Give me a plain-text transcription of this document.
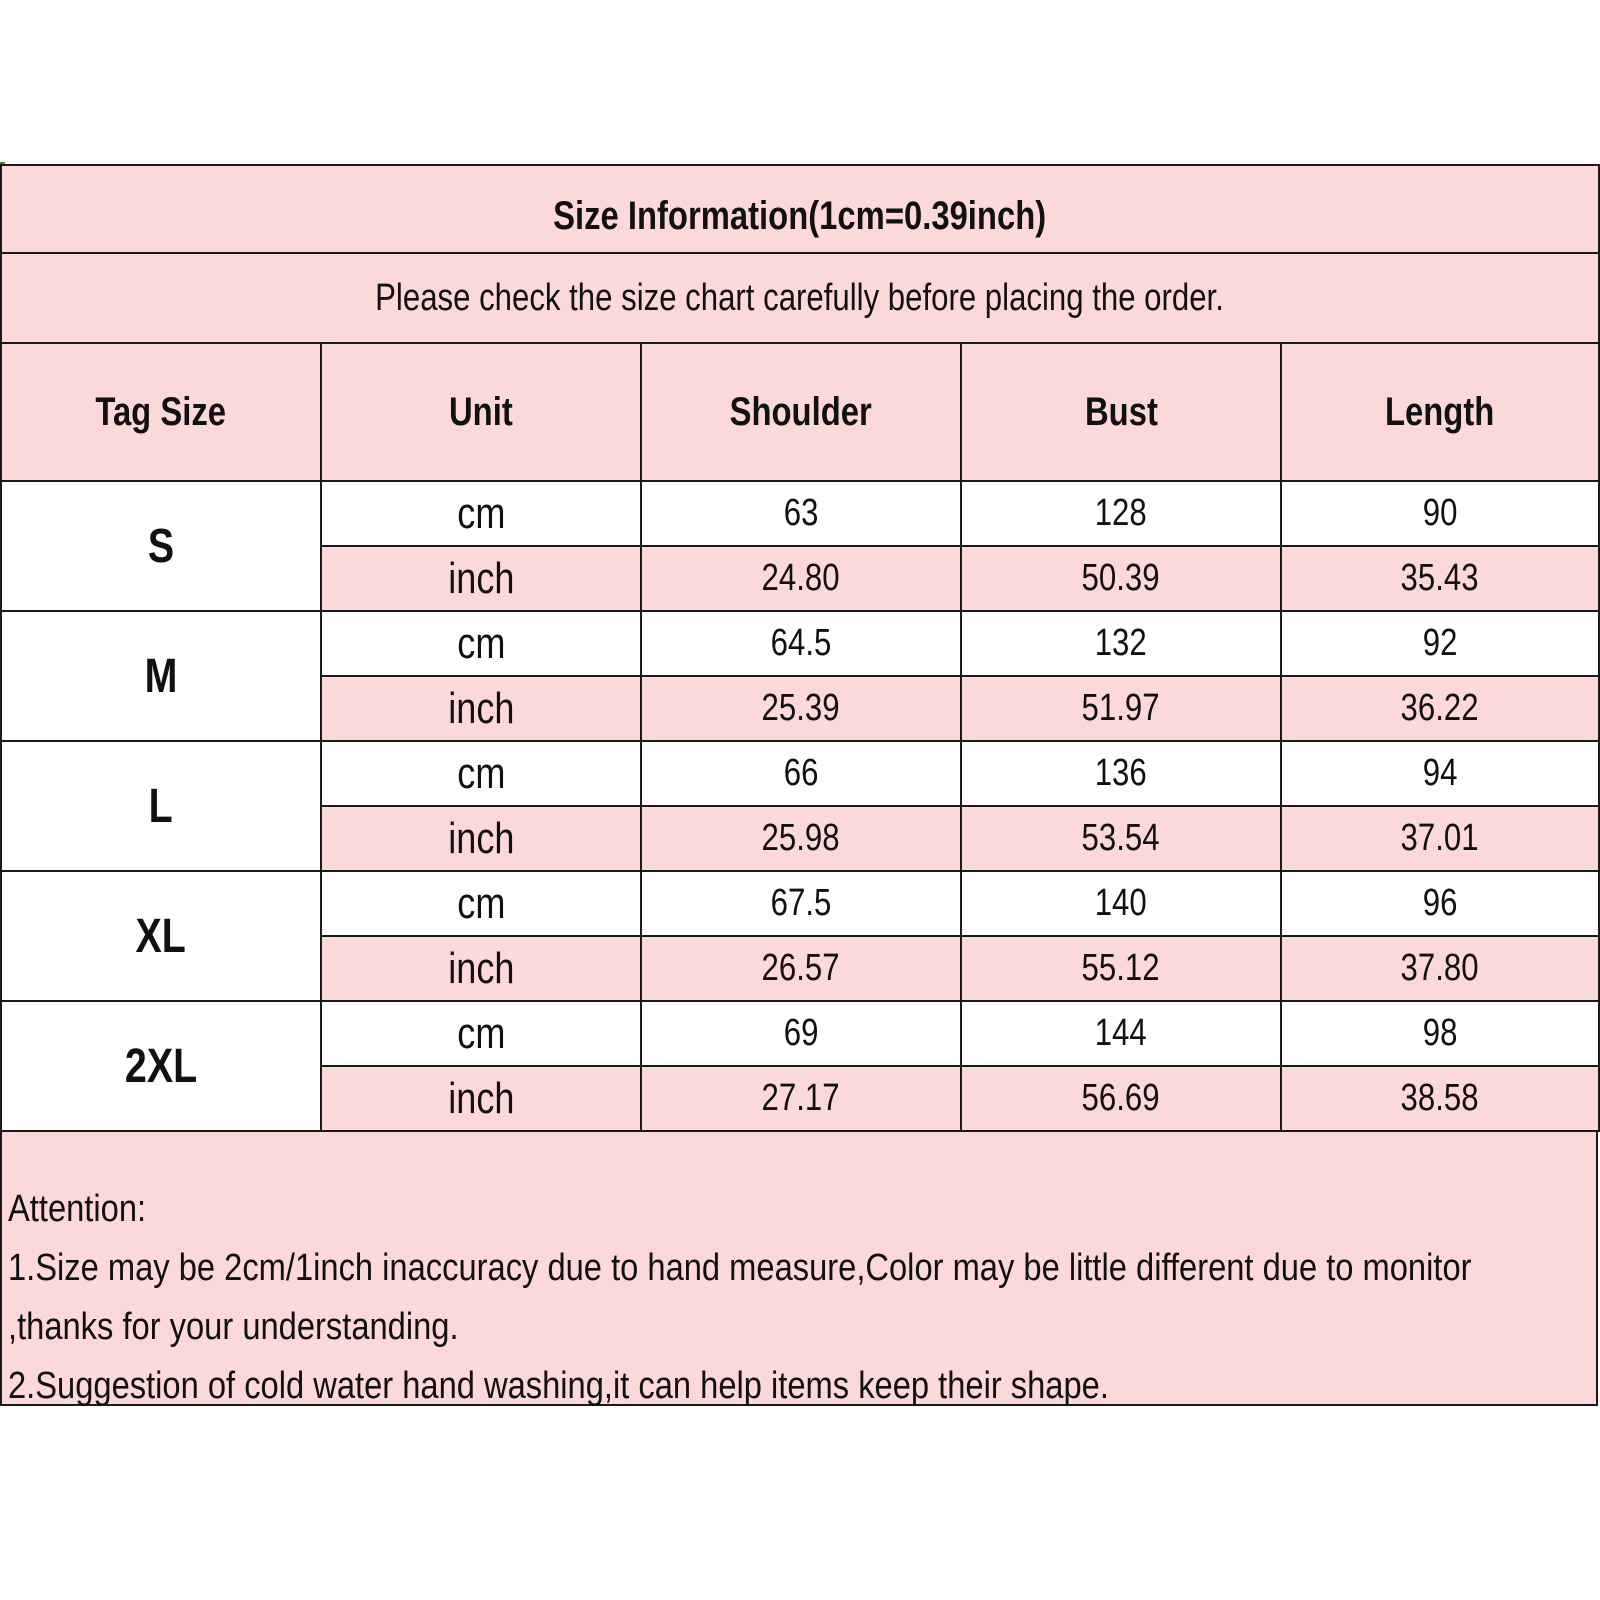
Size Information(1cm=0.39inch)				
Please check the size chart carefully before placing the order.				
Tag Size	Unit	Shoulder	Bust	Length
S	cm	63	128	90
	inch	24.80	50.39	35.43
M	cm	64.5	132	92
	inch	25.39	51.97	36.22
L	cm	66	136	94
	inch	25.98	53.54	37.01
XL	cm	67.5	140	96
	inch	26.57	55.12	37.80
2XL	cm	69	144	98
	inch	27.17	56.69	38.58
Attention:
1.Size may be 2cm/1inch inaccuracy due to hand measure,Color may be little different due to monitor
,thanks for your understanding.
2.Suggestion of cold water hand washing,it can help items keep their shape.
